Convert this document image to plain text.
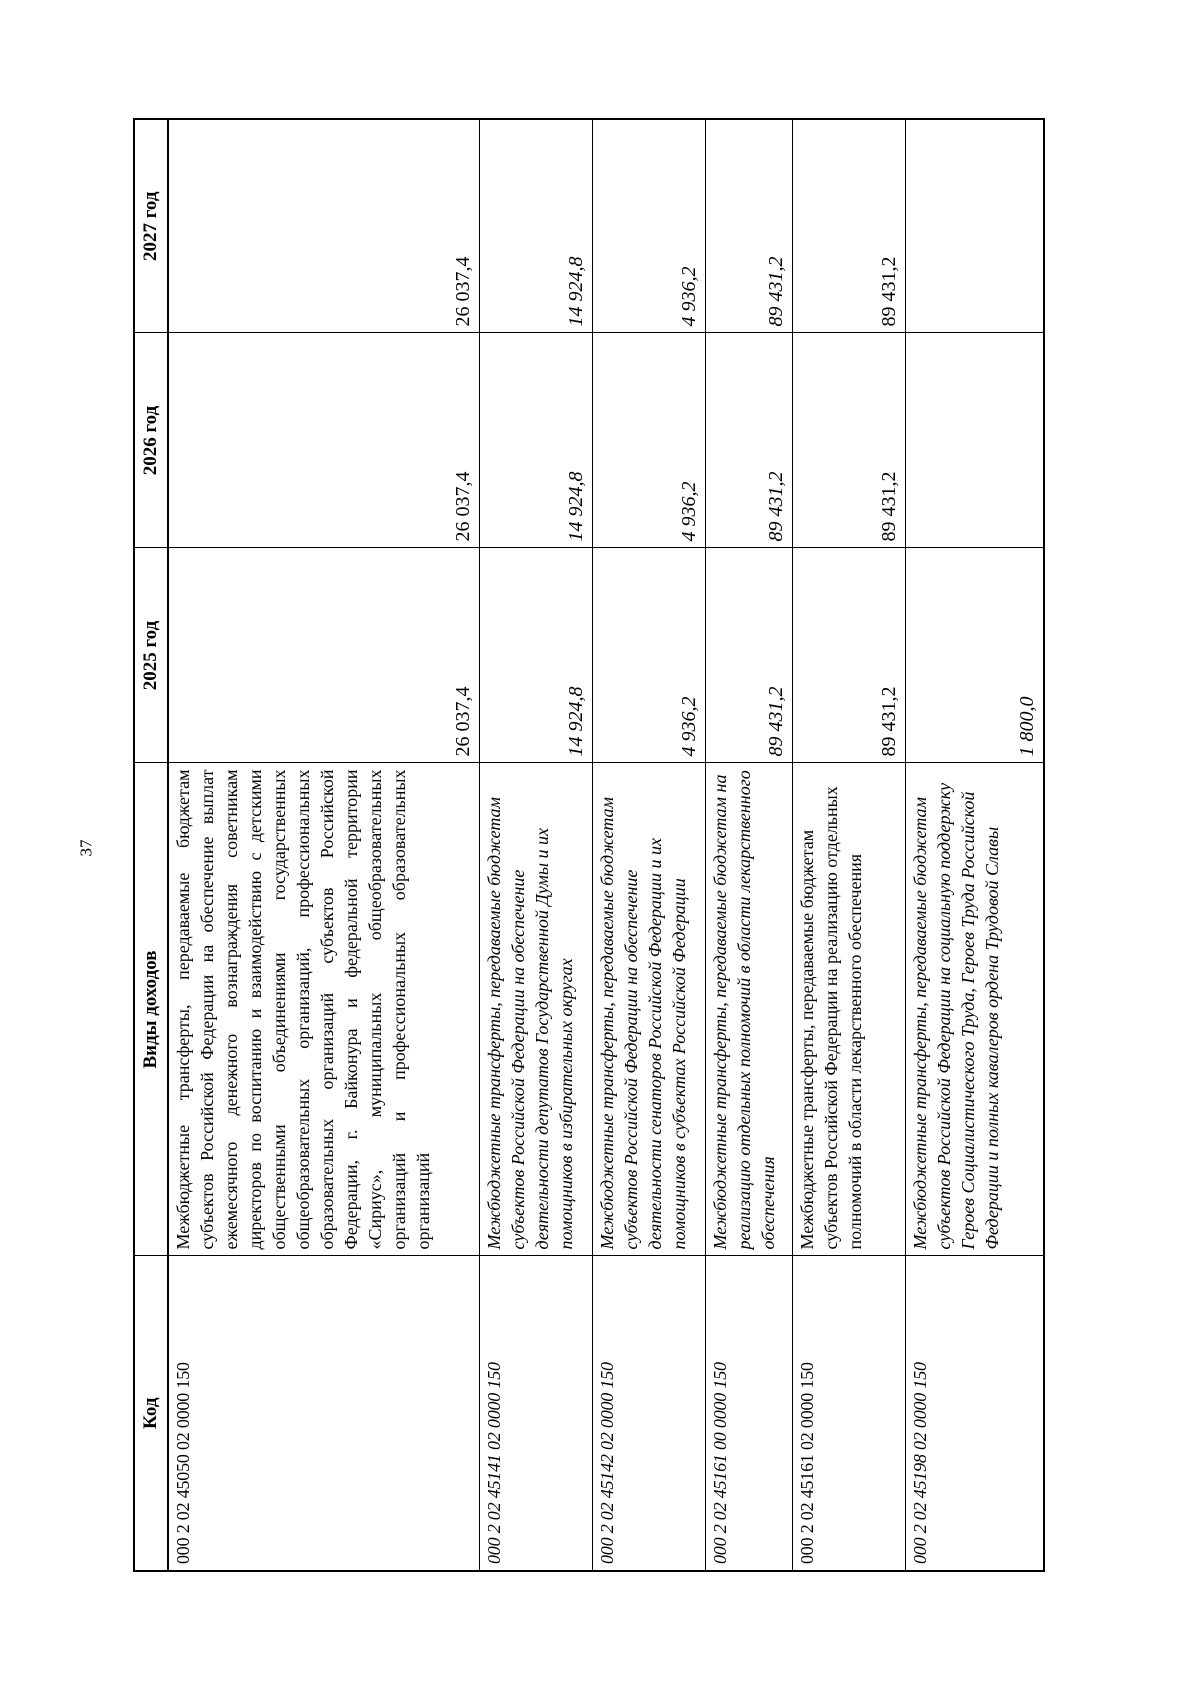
37
Код	Виды доходов	2025 год	2026 год	2027 год
000 2 02 45050 02 0000 150	Межбюджетные трансферты, передаваемые бюджетам субъектов Российской Федерации на обеспечение выплат ежемесячного денежного вознаграждения советникам директоров по воспитанию и взаимодействию с детскими общественными объединениями государственных общеобразовательных организаций, профессиональных образовательных организаций субъектов Российской Федерации, г. Байконура и федеральной территории «Сириус», муниципальных общеобразовательных организаций и профессиональных образовательных организаций	26 037,4	26 037,4	26 037,4
000 2 02 45141 02 0000 150	Межбюджетные трансферты, передаваемые бюджетам субъектов Российской Федерации на обеспечение деятельности депутатов Государственной Думы и их помощников в избирательных округах	14 924,8	14 924,8	14 924,8
000 2 02 45142 02 0000 150	Межбюджетные трансферты, передаваемые бюджетам субъектов Российской Федерации на обеспечение деятельности сенаторов Российской Федерации и их помощников в субъектах Российской Федерации	4 936,2	4 936,2	4 936,2
000 2 02 45161 00 0000 150	Межбюджетные трансферты, передаваемые бюджетам на реализацию отдельных полномочий в области лекарственного обеспечения	89 431,2	89 431,2	89 431,2
000 2 02 45161 02 0000 150	Межбюджетные трансферты, передаваемые бюджетам субъектов Российской Федерации на реализацию отдельных полномочий в области лекарственного обеспечения	89 431,2	89 431,2	89 431,2
000 2 02 45198 02 0000 150	Межбюджетные трансферты, передаваемые бюджетам субъектов Российской Федерации на социальную поддержку Героев Социалистического Труда, Героев Труда Российской Федерации и полных кавалеров ордена Трудовой Славы	1 800,0		
